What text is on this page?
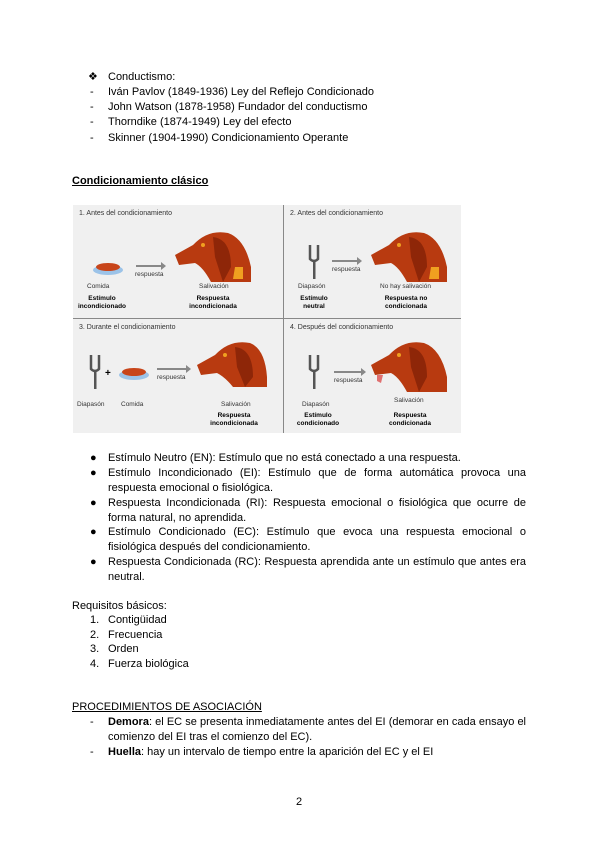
❖ Conductismo:
- Iván Pavlov (1849-1936) Ley del Reflejo Condicionado
- John Watson (1878-1958) Fundador del conductismo
- Thorndike (1874-1949) Ley del efecto
- Skinner (1904-1990) Condicionamiento Operante
Condicionamiento clásico
1. Antes del condicionamiento
respuesta
Comida	Salivación
Estímulo incondicionado
Respuesta incondicionada
2. Antes del condicionamiento
respuesta
Diapasón	No hay salivación
Estímulo neutral
Respuesta no condicionada
3. Durante el condicionamiento
+	respuesta
Diapasón	Comida	Salivación
Respuesta incondicionada
4. Después del condicionamiento
respuesta
Diapasón
Salivación
Estímulo condicionado
Respuesta condicionada
● Estímulo Neutro (EN): Estímulo que no está conectado a una respuesta.
● Estímulo Incondicionado (EI): Estímulo que de forma automática provoca una respuesta emocional o fisiológica.
● Respuesta Incondicionada (RI): Respuesta emocional o fisiológica que ocurre de forma natural, no aprendida.
● Estímulo Condicionado (EC): Estímulo que evoca una respuesta emocional o fisiológica después del condicionamiento.
● Respuesta Condicionada (RC): Respuesta aprendida ante un estímulo que antes era neutral.
Requisitos básicos:
1. Contigüidad
2. Frecuencia
3. Orden
4. Fuerza biológica
PROCEDIMIENTOS DE ASOCIACIÓN
- Demora: el EC se presenta inmediatamente antes del EI (demorar en cada ensayo el comienzo del EI tras el comienzo del EC).
- Huella: hay un intervalo de tiempo entre la aparición del EC y el EI
2
